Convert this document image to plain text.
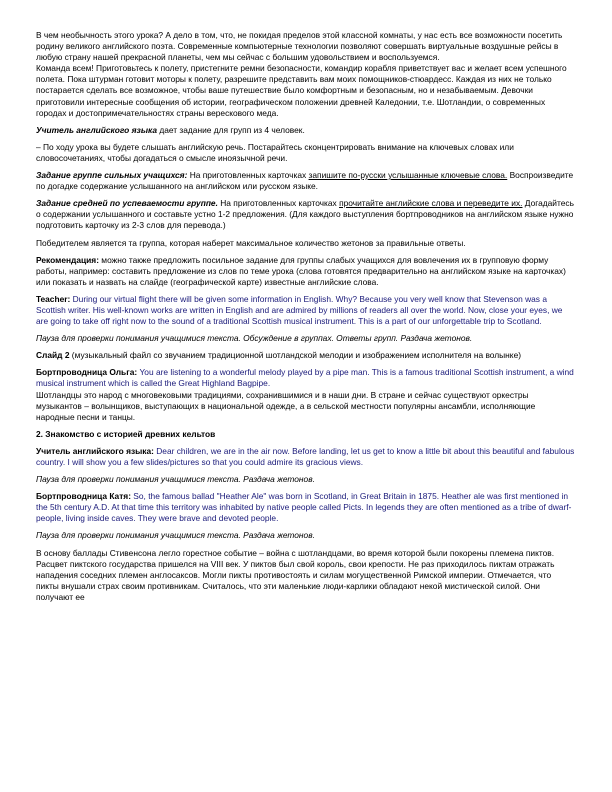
В чем необычность этого урока? А дело в том, что, не покидая пределов этой классной комнаты, у нас есть все возможности посетить родину великого английского поэта. Современные компьютерные технологии позволяют совершать виртуальные воздушные рейсы в любую страну нашей прекрасной планеты, чем мы сейчас с большим удовольствием и воспользуемся.

Команда всем! Приготовьтесь к полету, пристегните ремни безопасности, командир корабля приветствует вас и желает всем успешного полета. Пока штурман готовит моторы к полету, разрешите представить вам моих помощников-стюардесс. Каждая из них не только постарается сделать все возможное, чтобы ваше путешествие было комфортным и безопасным, но и незабываемым. Девочки приготовили интересные сообщения об истории, географическом положении древней Каледонии, т.е. Шотландии, о современных городах и достопримечательностях страны верескового меда.

Учитель английского языка дает задание для групп из 4 человек.

– По ходу урока вы будете слышать английскую речь. Постарайтесь сконцентрировать внимание на ключевых словах или словосочетаниях, чтобы догадаться о смысле иноязычной речи.

Задание группе сильных учащихся: На приготовленных карточках запишите по-русски услышанные ключевые слова. Воспроизведите по догадке содержание услышанного на английском или русском языке.

Задание средней по успеваемости группе. На приготовленных карточках прочитайте английские слова и переведите их. Догадайтесь о содержании услышанного и составьте устно 1-2 предложения. (Для каждого выступления бортпроводников на английском языке нужно подготовить карточку из 2-3 слов для перевода.)

Победителем является та группа, которая наберет максимальное количество жетонов за правильные ответы.

Рекомендация: можно также предложить посильное задание для группы слабых учащихся для вовлечения их в групповую форму работы, например: составить предложение из слов по теме урока (слова готовятся предварительно на английском языке на карточках) или показать и назвать на слайде (географической карте) известные английские слова.

Teacher: During our virtual flight there will be given some information in English. Why? Because you very well know that Stevenson was a Scottish writer. His well-known works are written in English and are admired by millions of readers all over the world. Now, close your eyes, we are going to take off right now to the sound of a traditional Scottish musical instrument. This is a part of our unforgettable trip to Scotland.

Пауза для проверки понимания учащимися текста. Обсуждение в группах. Ответы групп. Раздача жетонов.

Слайд 2 (музыкальный файл со звучанием традиционной шотландской мелодии и изображением исполнителя на волынке)

Бортпроводница Ольга: You are listening to a wonderful melody played by a pipe man. This is a famous traditional Scottish instrument, a wind musical instrument which is called the Great Highland Bagpipe.
Шотландцы это народ с многовековыми традициями, сохранившимися и в наши дни. В стране и сейчас существуют оркестры музыкантов – волынщиков, выступающих в национальной одежде, а в сельской местности популярны ансамбли, исполняющие народные песни и танцы.

2. Знакомство с историей древних кельтов

Учитель английского языка: Dear children, we are in the air now. Before landing, let us get to know a little bit about this beautiful and fabulous country. I will show you a few slides/pictures so that you could admire its gracious views.

Пауза для проверки понимания учащимися текста. Раздача жетонов.

Бортпроводница Катя: So, the famous ballad "Heather Ale" was born in Scotland, in Great Britain in 1875. Heather ale was first mentioned in the 5th century A.D. At that time this territory was inhabited by native people called Picts. In legends they are often mentioned as a tribe of dwarf-people, living inside caves. They were brave and devoted people.

Пауза для проверки понимания учащимися текста. Раздача жетонов.

В основу баллады Стивенсона легло горестное событие – война с шотландцами, во время которой были покорены племена пиктов. Расцвет пиктского государства пришелся на VIII век. У пиктов был свой король, свои крепости. Не раз приходилось пиктам отражать нападения соседних племен англосаксов. Могли пикты противостоять и силам могущественной Римской империи. Отмечается, что пикты внушали страх своим противникам. Считалось, что эти маленькие люди-карлики обладают некой мистической силой. Они получают ее
